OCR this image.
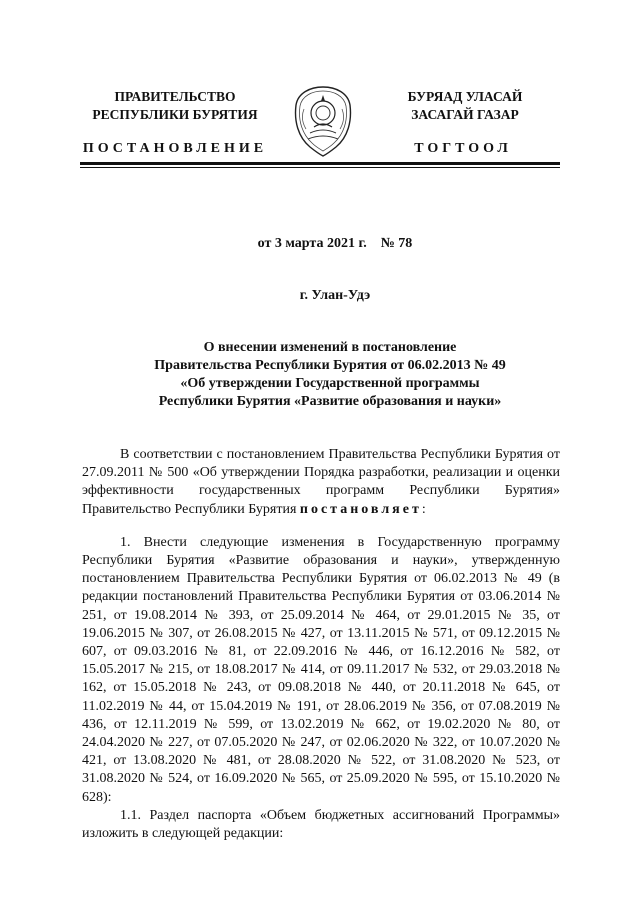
ПРАВИТЕЛЬСТВО
РЕСПУБЛИКИ БУРЯТИЯ
БУРЯАД УЛАСАЙ
ЗАСАГАЙ ГАЗАР
ПОСТАНОВЛЕНИЕ	ТОГТООЛ
от 3 марта 2021 г. № 78
г. Улан-Удэ
О внесении изменений в постановление
Правительства Республики Бурятия от 06.02.2013 № 49
«Об утверждении Государственной программы
Республики Бурятия «Развитие образования и науки»

В соответствии с постановлением Правительства Республики Бурятия от 27.09.2011 № 500 «Об утверждении Порядка разработки, реализации и оценки эффективности государственных программ Республики Бурятия» Правительство Республики Бурятия постановляет:

1. Внести следующие изменения в Государственную программу Республики Бурятия «Развитие образования и науки», утвержденную постановлением Правительства Республики Бурятия от 06.02.2013 № 49 (в редакции постановлений Правительства Республики Бурятия от 03.06.2014 № 251, от 19.08.2014 № 393, от 25.09.2014 № 464, от 29.01.2015 № 35, от 19.06.2015 № 307, от 26.08.2015 № 427, от 13.11.2015 № 571, от 09.12.2015 № 607, от 09.03.2016 № 81, от 22.09.2016 № 446, от 16.12.2016 № 582, от 15.05.2017 № 215, от 18.08.2017 № 414, от 09.11.2017 № 532, от 29.03.2018 № 162, от 15.05.2018 № 243, от 09.08.2018 № 440, от 20.11.2018 № 645, от 11.02.2019 № 44, от 15.04.2019 № 191, от 28.06.2019 № 356, от 07.08.2019 № 436, от 12.11.2019 № 599, от 13.02.2019 № 662, от 19.02.2020 № 80, от 24.04.2020 № 227, от 07.05.2020 № 247, от 02.06.2020 № 322, от 10.07.2020 № 421, от 13.08.2020 № 481, от 28.08.2020 № 522, от 31.08.2020 № 523, от 31.08.2020 № 524, от 16.09.2020 № 565, от 25.09.2020 № 595, от 15.10.2020 № 628):

1.1. Раздел паспорта «Объем бюджетных ассигнований Программы» изложить в следующей редакции:
